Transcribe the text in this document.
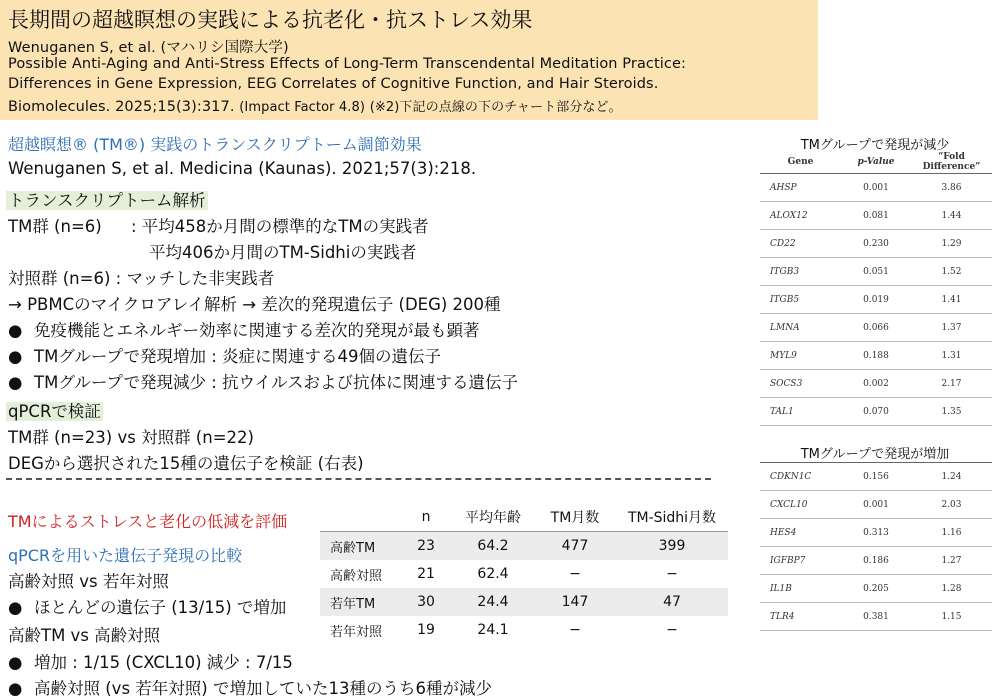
長期間の超越瞑想の実践による抗老化・抗ストレス効果
Wenuganen S, et al. (マハリシ国際大学)
Possible Anti-Aging and Anti-Stress Effects of Long-Term Transcendental Meditation Practice:
Differences in Gene Expression, EEG Correlates of Cognitive Function, and Hair Steroids.
Biomolecules. 2025;15(3):317. (Impact Factor 4.8) (※2)下記の点線の下のチャート部分など。
超越瞑想® (TM®) 実践のトランスクリプトーム調節効果
Wenuganen S, et al. Medicina (Kaunas). 2021;57(3):218.
トランスクリプトーム解析
TM群 (n=6) : 平均458か月間の標準的なTMの実践者
平均406か月間のTM-Sidhiの実践者
対照群 (n=6) : マッチした非実践者
→ PBMCのマイクロアレイ解析 → 差次的発現遺伝子 (DEG) 200種
● 免疫機能とエネルギー効率に関連する差次的発現が最も顕著
● TMグループで発現増加 : 炎症に関連する49個の遺伝子
● TMグループで発現減少 : 抗ウイルスおよび抗体に関連する遺伝子
qPCRで検証
TM群 (n=23) vs 対照群 (n=22)
DEGから選択された15種の遺伝子を検証 (右表)
TMによるストレスと老化の低減を評価
qPCRを用いた遺伝子発現の比較
高齢対照 vs 若年対照
● ほとんどの遺伝子 (13/15) で増加
高齢TM vs 高齢対照
● 増加 : 1/15 (CXCL10) 減少 : 7/15
● 高齢対照 (vs 若年対照) で増加していた13種のうち6種が減少
	n	平均年齢	TM月数	TM-Sidhi月数
高齢TM	23	64.2	477	399
高齢対照	21	62.4	−	−
若年TM	30	24.4	147	47
若年対照	19	24.1	−	−
TMグループで発現が減少
Gene	p-Value	“Fold Difference”
AHSP	0.001	3.86
ALOX12	0.081	1.44
CD22	0.230	1.29
ITGB3	0.051	1.52
ITGB5	0.019	1.41
LMNA	0.066	1.37
MYL9	0.188	1.31
SOCS3	0.002	2.17
TAL1	0.070	1.35
TMグループで発現が増加
CDKN1C	0.156	1.24
CXCL10	0.001	2.03
HES4	0.313	1.16
IGFBP7	0.186	1.27
IL1B	0.205	1.28
TLR4	0.381	1.15
